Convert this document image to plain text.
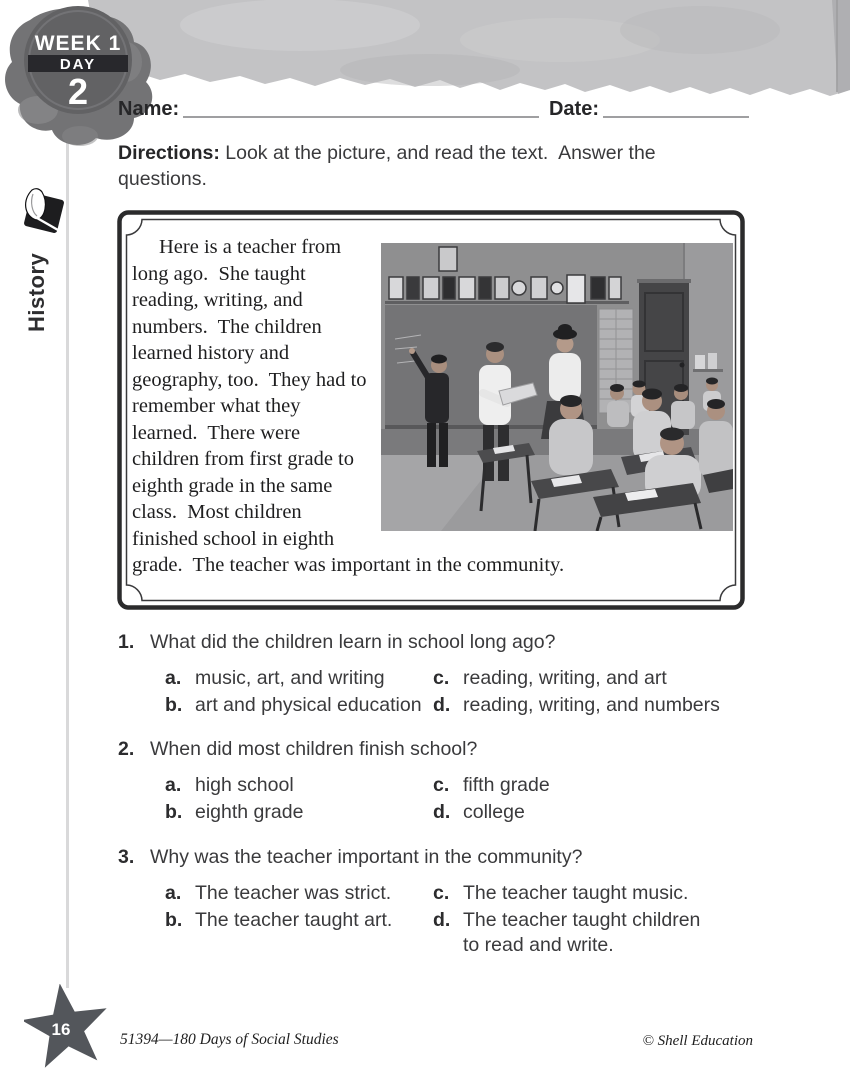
WEEK 1
DAY
2
History
Name:	Date:
Directions: Look at the picture, and read the text.  Answer the questions.

Here is a teacher from long ago.  She taught reading, writing, and numbers.  The children learned history and geography, too.  They had to remember what they learned.  There were children from first grade to eighth grade in the same class.  Most children finished school in eighth grade.  The teacher was important in the community.

1. What did the children learn in school long ago?
a. music, art, and writing
b. art and physical education
c. reading, writing, and art
d. reading, writing, and numbers
2. When did most children finish school?
a. high school
b. eighth grade
c. fifth grade
d. college
3. Why was the teacher important in the community?
a. The teacher was strict.
b. The teacher taught art.
c. The teacher taught music.
d. The teacher taught children to read and write.
16
51394—180 Days of Social Studies	© Shell Education
